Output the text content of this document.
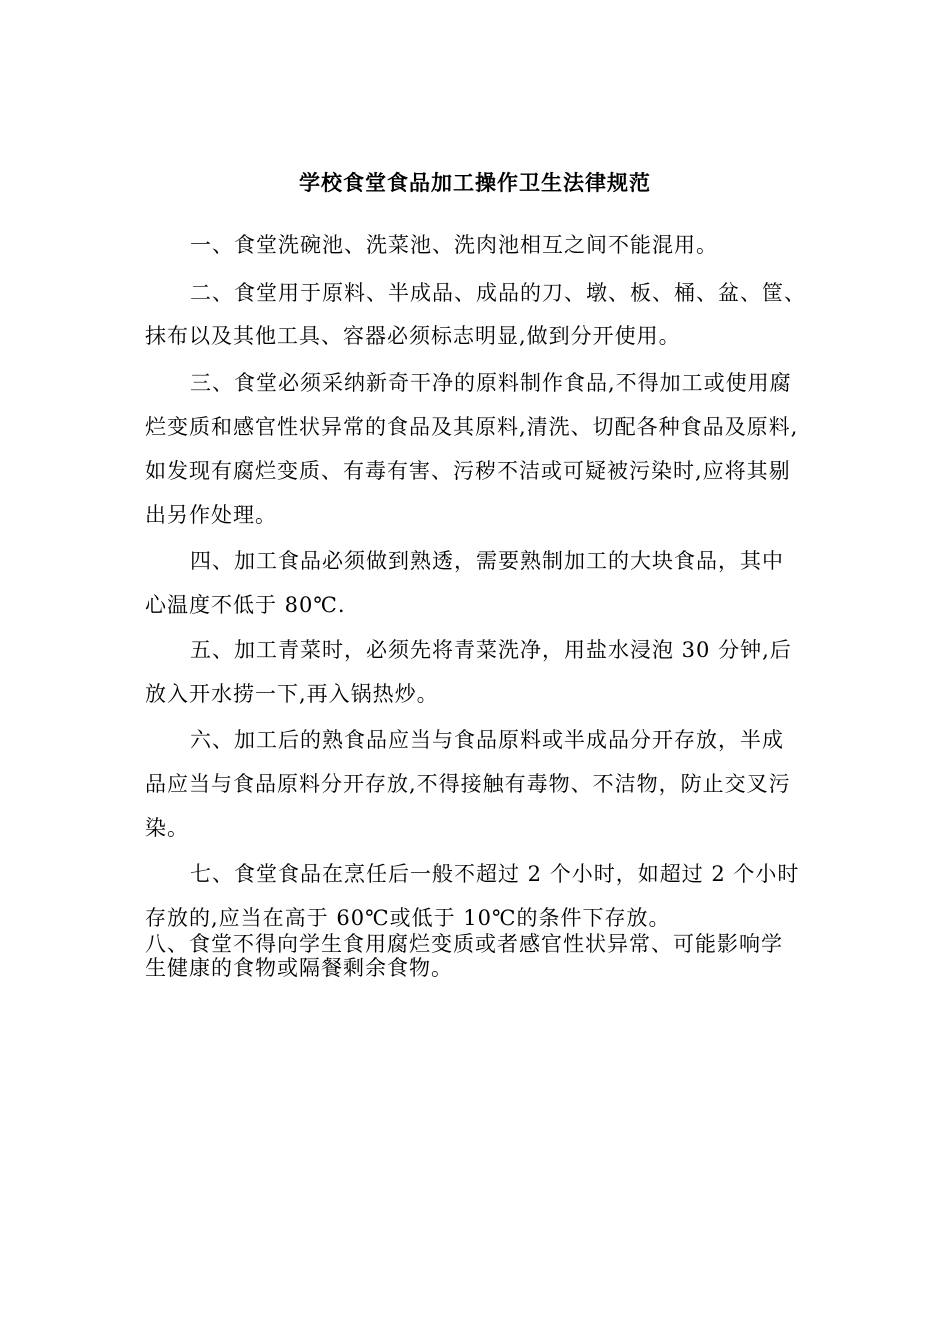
学校食堂食品加工操作卫生法律规范
一、食堂洗碗池、洗菜池、洗肉池相互之间不能混用。
二、食堂用于原料、半成品、成品的刀、墩、板、桶、盆、筐、
抹布以及其他工具、容器必须标志明显,做到分开使用。
三、食堂必须采纳新奇干净的原料制作食品,不得加工或使用腐
烂变质和感官性状异常的食品及其原料,清洗、切配各种食品及原料,
如发现有腐烂变质、有毒有害、污秽不洁或可疑被污染时,应将其剔
出另作处理。
四、加工食品必须做到熟透，需要熟制加工的大块食品，其中
心温度不低于 80℃.
五、加工青菜时，必须先将青菜洗净，用盐水浸泡 30 分钟,后
放入开水捞一下,再入锅热炒。
六、加工后的熟食品应当与食品原料或半成品分开存放，半成
品应当与食品原料分开存放,不得接触有毒物、不洁物，防止交叉污
染。
七、食堂食品在烹任后一般不超过 2 个小时，如超过 2 个小时
存放的,应当在高于 60℃或低于 10℃的条件下存放。
八、食堂不得向学生食用腐烂变质或者感官性状异常、可能影响学
生健康的食物或隔餐剩余食物。
